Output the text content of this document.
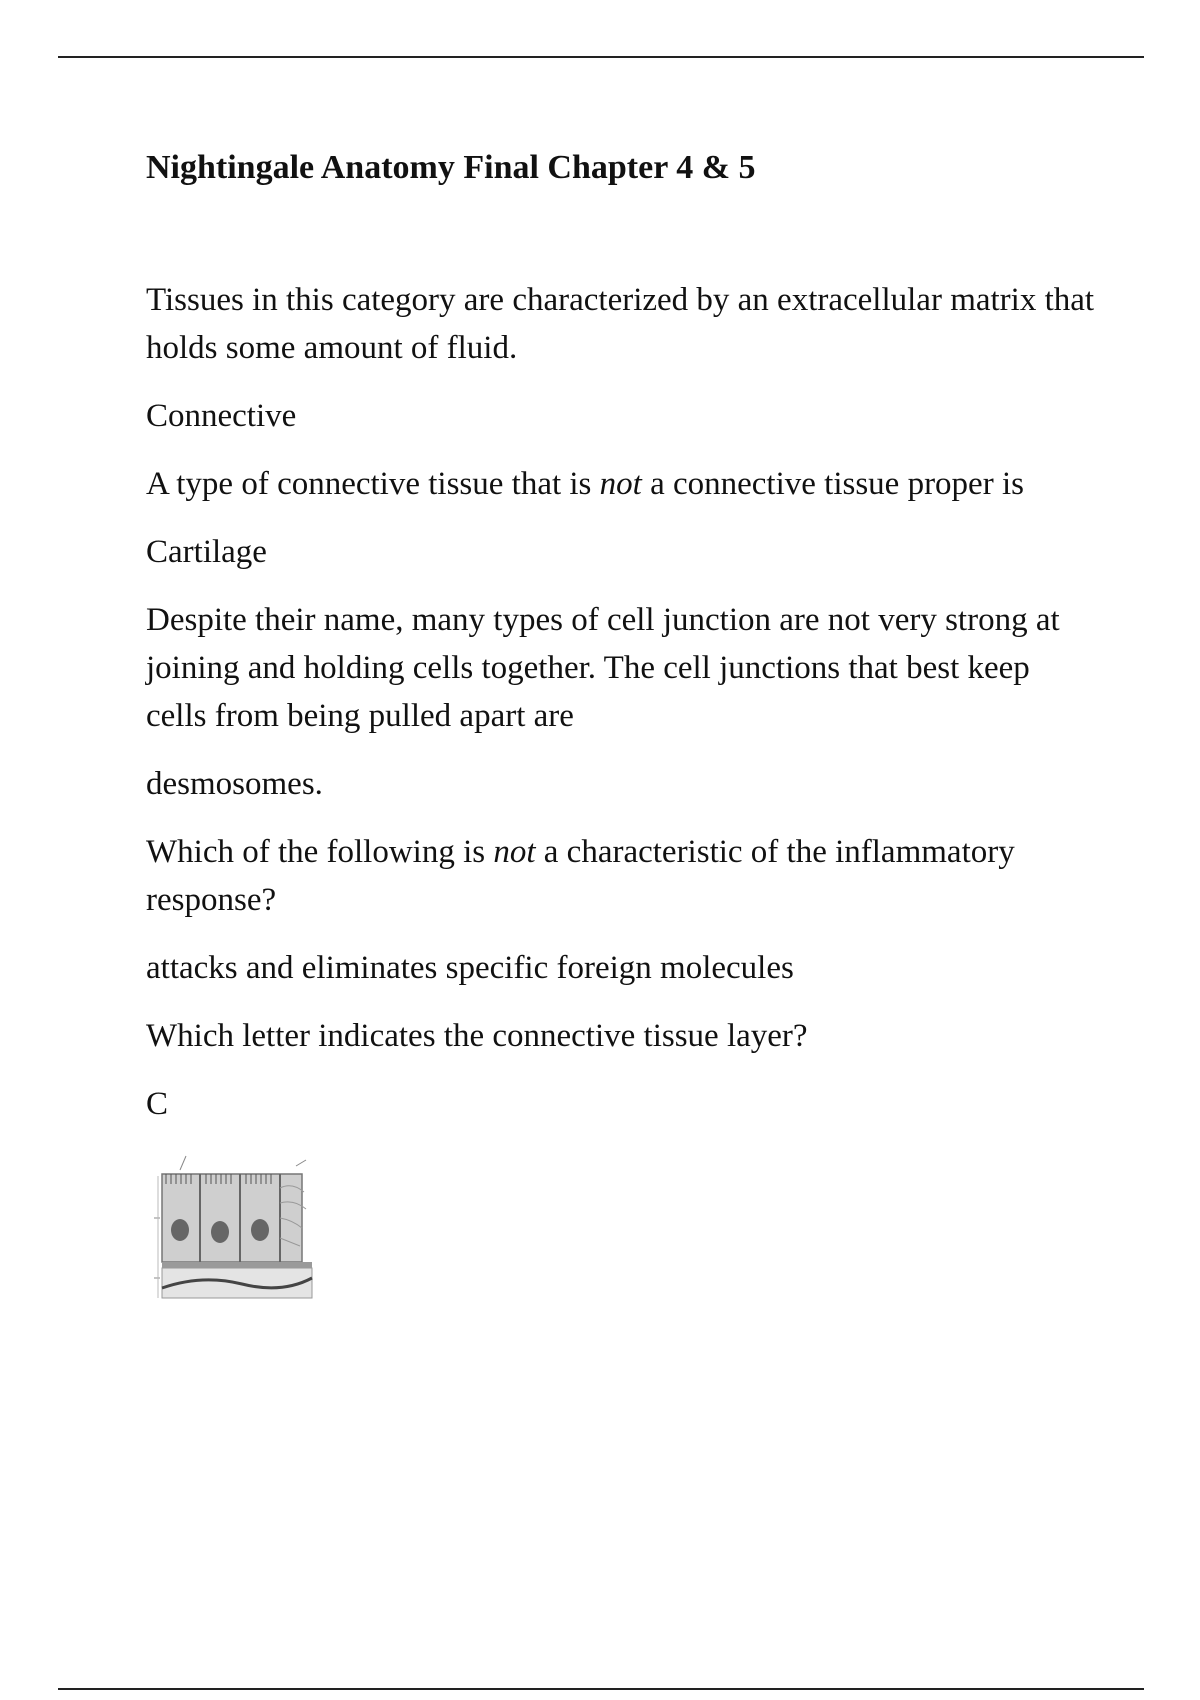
Nightingale Anatomy Final Chapter 4 & 5
Tissues in this category are characterized by an extracellular matrix that holds some amount of fluid.
Connective
A type of connective tissue that is not a connective tissue proper is
Cartilage
Despite their name, many types of cell junction are not very strong at joining and holding cells together. The cell junctions that best keep cells from being pulled apart are
desmosomes.
Which of the following is not a characteristic of the inflammatory response?
attacks and eliminates specific foreign molecules
Which letter indicates the connective tissue layer?
C
